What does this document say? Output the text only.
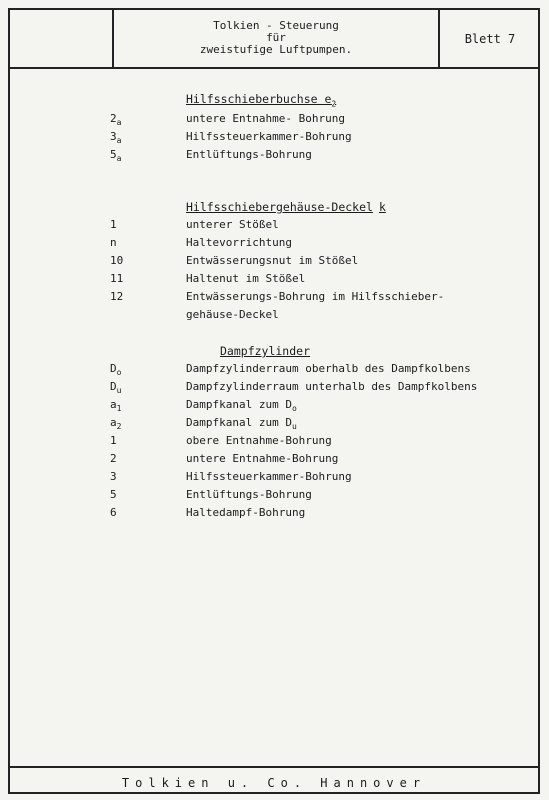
Tolkien - Steuerung
für
zweistufige Luftpumpen.
Blett 7
Tolkien u. Co. Hannover
Hilfsschieberbuchse $e_2$
$2_a$	untere Entnahme- Bohrung
$3_a$	Hilfssteuerkammer-Bohrung
$5_a$	Entlüftungs-Bohrung
Hilfsschiebergehäuse-Deckel k
1	unterer Stößel
n	Haltevorrichtung
10	Entwässerungsnut im Stößel
11	Haltenut im Stößel
12	Entwässerungs-Bohrung im Hilfsschieber-
gehäuse-Deckel
Dampfzylinder
$D_o$	Dampfzylinderraum oberhalb des Dampfkolbens
$D_u$	Dampfzylinderraum unterhalb des Dampfkolbens
$a_1$	Dampfkanal zum $D_o$
$a_2$	Dampfkanal zum $D_u$
1	obere Entnahme-Bohrung
2	untere Entnahme-Bohrung
3	Hilfssteuerkammer-Bohrung
5	Entlüftungs-Bohrung
6	Haltedampf-Bohrung
